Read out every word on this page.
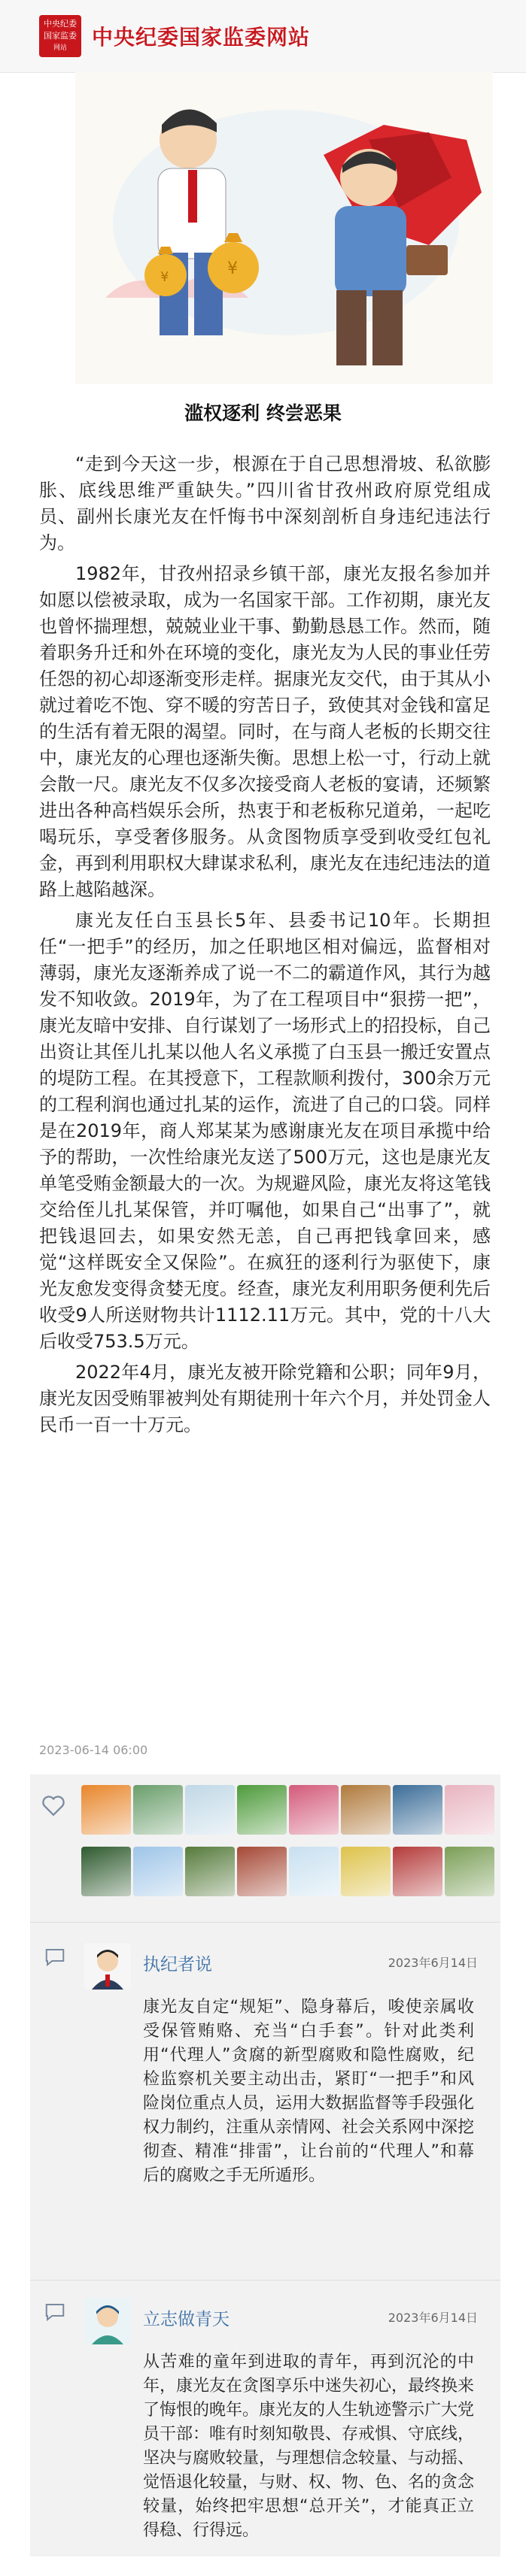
中央纪委
国家监委
网站	中央纪委国家监委网站
¥
¥
滥权逐利 终尝恶果

“走到今天这一步，根源在于自己思想滑坡、私欲膨胀、底线思维严重缺失。”四川省甘孜州政府原党组成员、副州长康光友在忏悔书中深刻剖析自身违纪违法行为。

1982年，甘孜州招录乡镇干部，康光友报名参加并如愿以偿被录取，成为一名国家干部。工作初期，康光友也曾怀揣理想，兢兢业业干事、勤勤恳恳工作。然而，随着职务升迁和外在环境的变化，康光友为人民的事业任劳任怨的初心却逐渐变形走样。据康光友交代，由于其从小就过着吃不饱、穿不暖的穷苦日子，致使其对金钱和富足的生活有着无限的渴望。同时，在与商人老板的长期交往中，康光友的心理也逐渐失衡。思想上松一寸，行动上就会散一尺。康光友不仅多次接受商人老板的宴请，还频繁进出各种高档娱乐会所，热衷于和老板称兄道弟，一起吃喝玩乐，享受奢侈服务。从贪图物质享受到收受红包礼金，再到利用职权大肆谋求私利，康光友在违纪违法的道路上越陷越深。

康光友任白玉县长5年、县委书记10年。长期担任“一把手”的经历，加之任职地区相对偏远，监督相对薄弱，康光友逐渐养成了说一不二的霸道作风，其行为越发不知收敛。2019年，为了在工程项目中“狠捞一把”，康光友暗中安排、自行谋划了一场形式上的招投标，自己出资让其侄儿扎某以他人名义承揽了白玉县一搬迁安置点的堤防工程。在其授意下，工程款顺利拨付，300余万元的工程利润也通过扎某的运作，流进了自己的口袋。同样是在2019年，商人郑某某为感谢康光友在项目承揽中给予的帮助，一次性给康光友送了500万元，这也是康光友单笔受贿金额最大的一次。为规避风险，康光友将这笔钱交给侄儿扎某保管，并叮嘱他，如果自己“出事了”，就把钱退回去，如果安然无恙，自己再把钱拿回来，感觉“这样既安全又保险”。在疯狂的逐利行为驱使下，康光友愈发变得贪婪无度。经查，康光友利用职务便利先后收受9人所送财物共计1112.11万元。其中，党的十八大后收受753.5万元。

2022年4月，康光友被开除党籍和公职；同年9月，康光友因受贿罪被判处有期徒刑十年六个月，并处罚金人民币一百一十万元。

2023-06-14 06:00
执纪者说	2023年6月14日
康光友自定“规矩”、隐身幕后，唆使亲属收受保管贿赂、充当“白手套”。针对此类利用“代理人”贪腐的新型腐败和隐性腐败，纪检监察机关要主动出击，紧盯“一把手”和风险岗位重点人员，运用大数据监督等手段强化权力制约，注重从亲情网、社会关系网中深挖彻查、精准“排雷”，让台前的“代理人”和幕后的腐败之手无所遁形。
立志做青天	2023年6月14日
从苦难的童年到进取的青年，再到沉沦的中年，康光友在贪图享乐中迷失初心，最终换来了悔恨的晚年。康光友的人生轨迹警示广大党员干部：唯有时刻知敬畏、存戒惧、守底线，坚决与腐败较量，与理想信念较量、与动摇、觉悟退化较量，与财、权、物、色、名的贪念较量，始终把牢思想“总开关”，才能真正立得稳、行得远。
